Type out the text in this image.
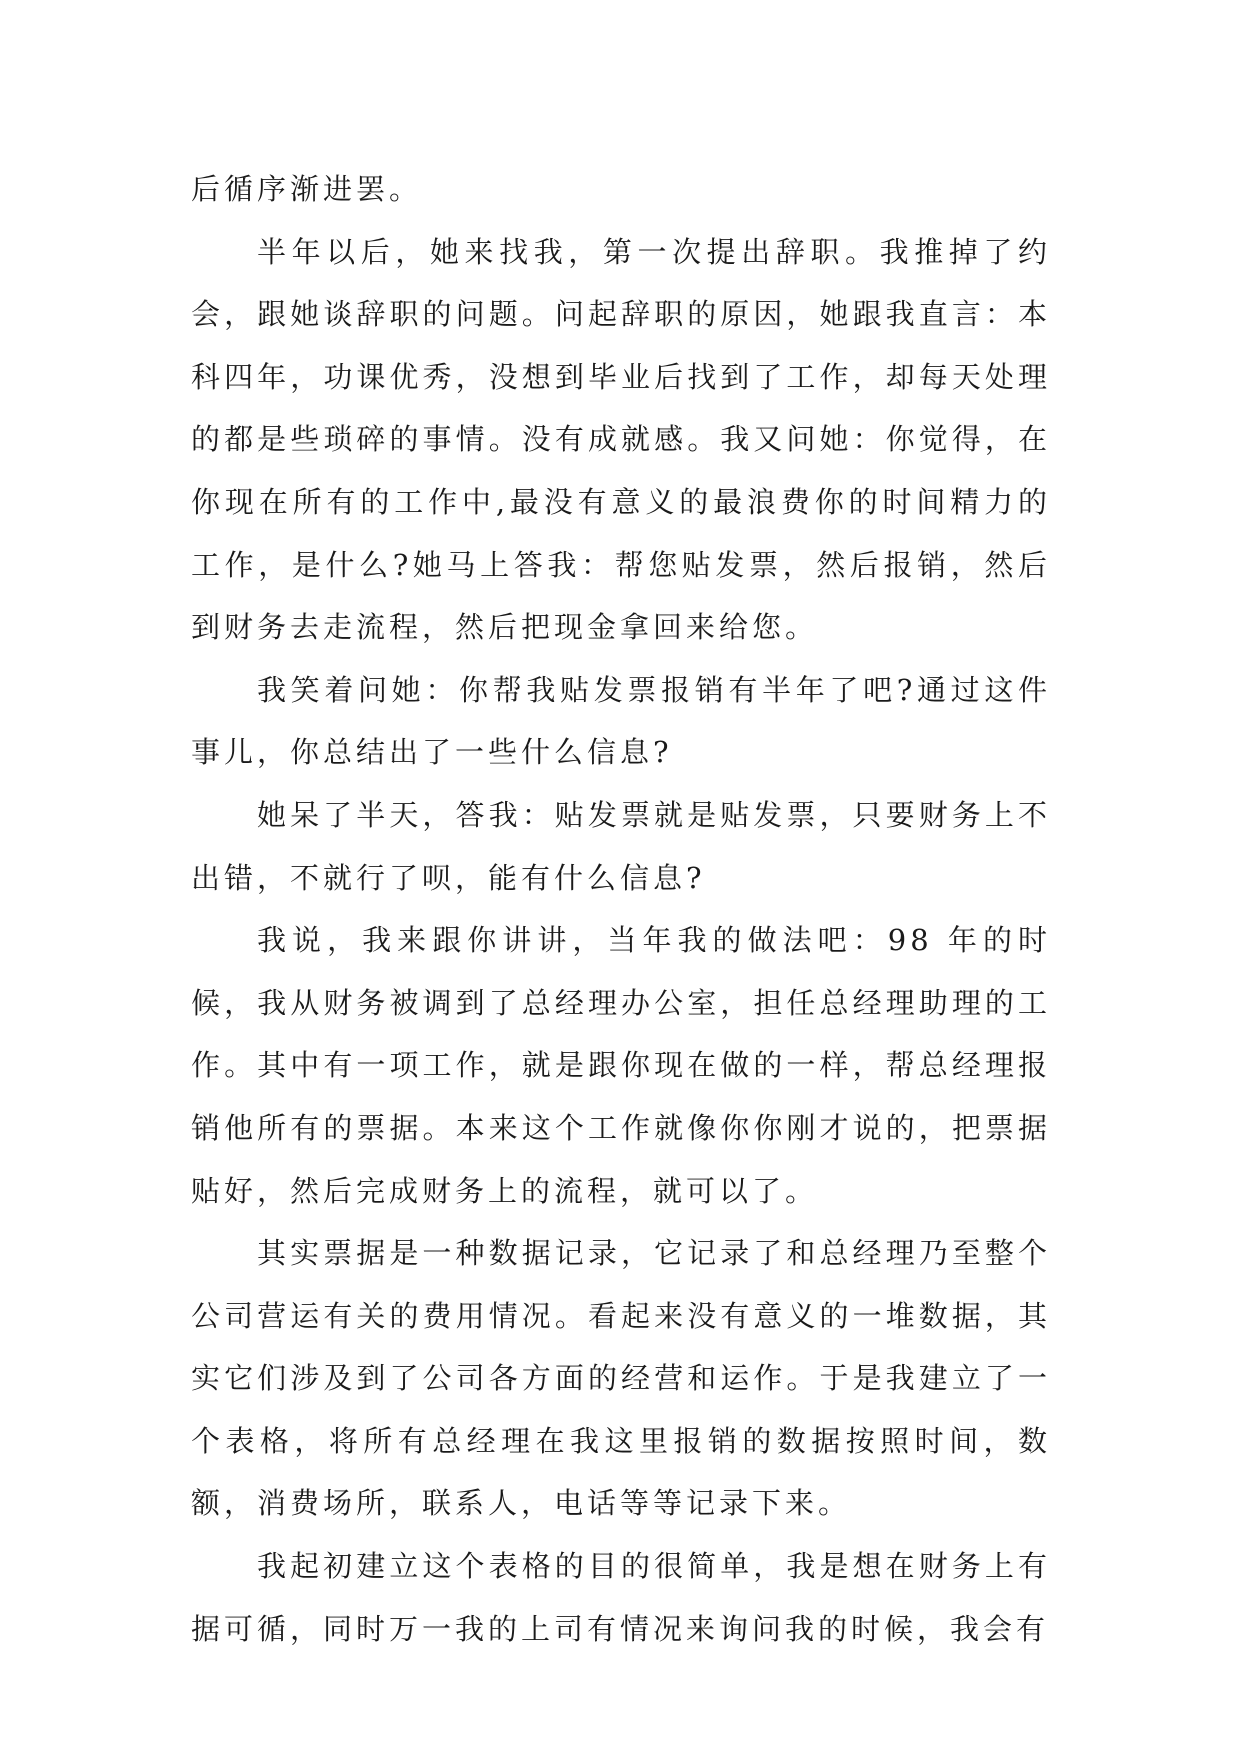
后循序渐进罢。

半年以后，她来找我，第一次提出辞职。我推掉了约会，跟她谈辞职的问题。问起辞职的原因，她跟我直言：本科四年，功课优秀，没想到毕业后找到了工作，却每天处理的都是些琐碎的事情。没有成就感。我又问她：你觉得，在你现在所有的工作中,最没有意义的最浪费你的时间精力的工作，是什么?她马上答我：帮您贴发票，然后报销，然后到财务去走流程，然后把现金拿回来给您。

我笑着问她：你帮我贴发票报销有半年了吧?通过这件事儿，你总结出了一些什么信息?

她呆了半天，答我：贴发票就是贴发票，只要财务上不出错，不就行了呗，能有什么信息?

我说，我来跟你讲讲，当年我的做法吧：98 年的时候，我从财务被调到了总经理办公室，担任总经理助理的工作。其中有一项工作，就是跟你现在做的一样，帮总经理报销他所有的票据。本来这个工作就像你你刚才说的，把票据贴好，然后完成财务上的流程，就可以了。

其实票据是一种数据记录，它记录了和总经理乃至整个公司营运有关的费用情况。看起来没有意义的一堆数据，其实它们涉及到了公司各方面的经营和运作。于是我建立了一个表格，将所有总经理在我这里报销的数据按照时间，数额，消费场所，联系人，电话等等记录下来。

我起初建立这个表格的目的很简单，我是想在财务上有据可循，同时万一我的上司有情况来询问我的时候，我会有
